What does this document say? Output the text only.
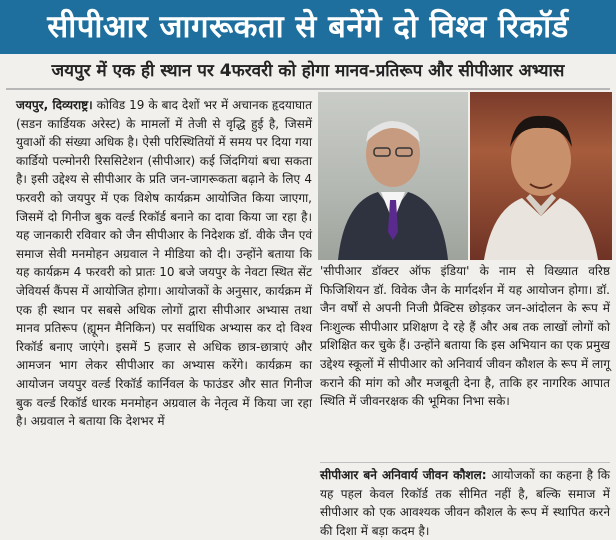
सीपीआर जागरूकता से बनेंगे दो विश्व रिकॉर्ड
जयपुर में एक ही स्थान पर 4फरवरी को होगा मानव-प्रतिरूप और सीपीआर अभ्यास

जयपुर, दिव्यराष्ट्र। कोविड 19 के बाद देशों भर में अचानक हृदयाघात (सडन कार्डियक अरेस्ट) के मामलों में तेजी से वृद्धि हुई है, जिसमें युवाओं की संख्या अधिक है। ऐसी परिस्थितियों में समय पर दिया गया कार्डियो पल्मोनरी रिससिटेशन (सीपीआर) कई जिंदगियां बचा सकता है। इसी उद्देश्य से सीपीआर के प्रति जन-जागरूकता बढ़ाने के लिए 4 फरवरी को जयपुर में एक विशेष कार्यक्रम आयोजित किया जाएगा, जिसमें दो गिनीज बुक वर्ल्ड रिकॉर्ड बनाने का दावा किया जा रहा है। यह जानकारी रविवार को जैन सीपीआर के निदेशक डॉ. वीके जैन एवं समाज सेवी मनमोहन अग्रवाल ने मीडिया को दी। उन्होंने बताया कि यह कार्यक्रम 4 फरवरी को प्रातः 10 बजे जयपुर के नेवटा स्थित सेंट जेवियर्स कैंपस में आयोजित होगा। आयोजकों के अनुसार, कार्यक्रम में एक ही स्थान पर सबसे अधिक लोगों द्वारा सीपीआर अभ्यास तथा मानव प्रतिरूप (ह्यूमन मैनिकिन) पर सर्वाधिक अभ्यास कर दो विश्व रिकॉर्ड बनाए जाएंगे। इसमें 5 हजार से अधिक छात्र-छात्राएं और आमजन भाग लेकर सीपीआर का अभ्यास करेंगे। कार्यक्रम का आयोजन जयपुर वर्ल्ड रिकॉर्ड कार्निवल के फाउंडर और सात गिनीज बुक वर्ल्ड रिकॉर्ड धारक मनमोहन अग्रवाल के नेतृत्व में किया जा रहा है। अग्रवाल ने बताया कि देशभर में

'सीपीआर डॉक्टर ऑफ इंडिया' के नाम से विख्यात वरिष्ठ फिजिशियन डॉ. विवेक जैन के मार्गदर्शन में यह आयोजन होगा। डॉ. जैन वर्षों से अपनी निजी प्रैक्टिस छोड़कर जन-आंदोलन के रूप में निःशुल्क सीपीआर प्रशिक्षण दे रहे हैं और अब तक लाखों लोगों को प्रशिक्षित कर चुके हैं। उन्होंने बताया कि इस अभियान का एक प्रमुख उद्देश्य स्कूलों में सीपीआर को अनिवार्य जीवन कौशल के रूप में लागू कराने की मांग को और मजबूती देना है, ताकि हर नागरिक आपात स्थिति में जीवनरक्षक की भूमिका निभा सके।

सीपीआर बने अनिवार्य जीवन कौशल: आयोजकों का कहना है कि यह पहल केवल रिकॉर्ड तक सीमित नहीं है, बल्कि समाज में सीपीआर को एक आवश्यक जीवन कौशल के रूप में स्थापित करने की दिशा में बड़ा कदम है।
